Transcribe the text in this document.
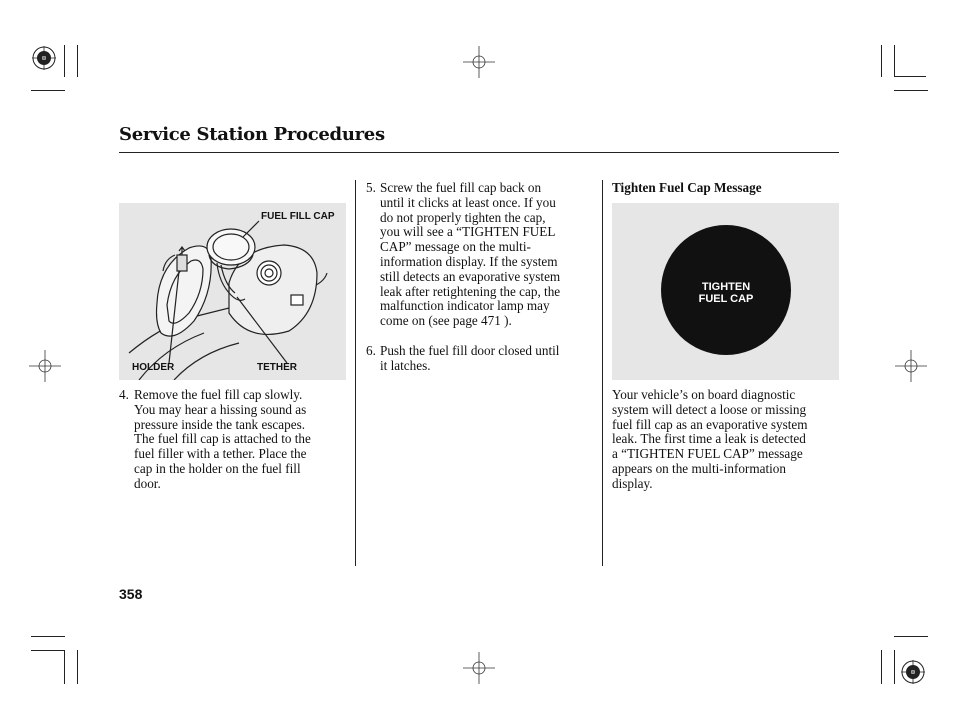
Service Station Procedures
FUEL FILL CAP
HOLDER	TETHER
4. Remove the fuel fill cap slowly.
You may hear a hissing sound as
pressure inside the tank escapes.
The fuel fill cap is attached to the
fuel filler with a tether. Place the
cap in the holder on the fuel fill
door.
5. Screw the fuel fill cap back on
until it clicks at least once. If you
do not properly tighten the cap,
you will see a “TIGHTEN FUEL
CAP” message on the multi-
information display. If the system
still detects an evaporative system
leak after retightening the cap, the
malfunction indicator lamp may
come on (see page 471 ).
6. Push the fuel fill door closed until
it latches.
Tighten Fuel Cap Message
TIGHTEN
FUEL CAP
Your vehicle’s on board diagnostic
system will detect a loose or missing
fuel fill cap as an evaporative system
leak. The first time a leak is detected
a “TIGHTEN FUEL CAP” message
appears on the multi-information
display.
358
